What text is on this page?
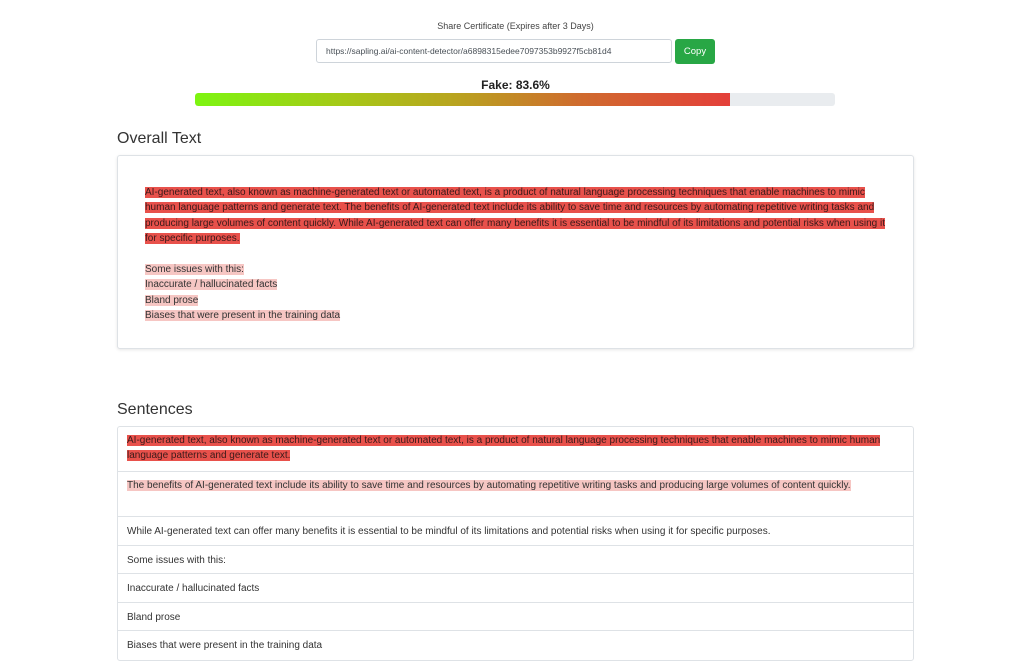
Share Certificate (Expires after 3 Days)
https://sapling.ai/ai-content-detector/a6898315edee7097353b9927f5cb81d4
Copy
Fake: 83.6%
Overall Text

AI-generated text, also known as machine-generated text or automated text, is a product of natural language processing techniques that enable machines to mimic human language patterns and generate text. The benefits of AI-generated text include its ability to save time and resources by automating repetitive writing tasks and producing large volumes of content quickly. While AI-generated text can offer many benefits it is essential to be mindful of its limitations and potential risks when using it for specific purposes.

Some issues with this:
Inaccurate / hallucinated facts
Bland prose
Biases that were present in the training data
Sentences
AI-generated text, also known as machine-generated text or automated text, is a product of natural language processing techniques that enable machines to mimic human language patterns and generate text.
The benefits of AI-generated text include its ability to save time and resources by automating repetitive writing tasks and producing large volumes of content quickly.
While AI-generated text can offer many benefits it is essential to be mindful of its limitations and potential risks when using it for specific purposes.
Some issues with this:
Inaccurate / hallucinated facts
Bland prose
Biases that were present in the training data
